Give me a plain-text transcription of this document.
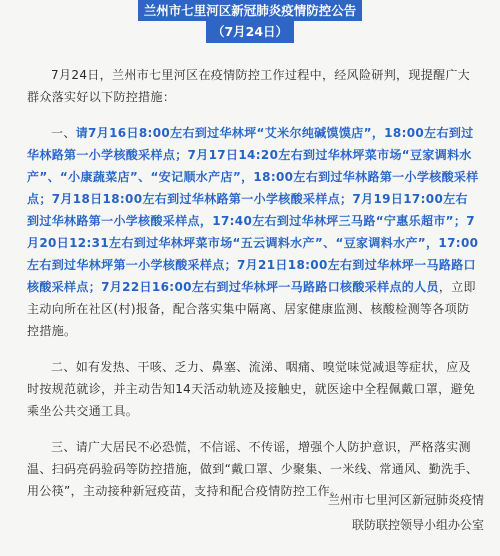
兰州市七里河区新冠肺炎疫情防控公告
（7月24日）

7月24日，兰州市七里河区在疫情防控工作过程中，经风险研判，现提醒广大群众落实好以下防控措施：

一、请7月16日8:00左右到过华林坪“艾米尔纯碱馍馍店”，18:00左右到过华林路第一小学核酸采样点；7月17日14:20左右到过华林坪菜市场“豆家调料水产”、“小康蔬菜店”、“安记顺水产店”，18:00左右到过华林路第一小学核酸采样点；7月18日18:00左右到过华林路第一小学核酸采样点；7月19日17:00左右到过华林路第一小学核酸采样点，17:40左右到过华林坪三马路“宁惠乐超市”；7月20日12:31左右到过华林坪菜市场“五云调料水产”、“豆家调料水产”，17:00左右到过华林坪第一小学核酸采样点；7月21日18:00左右到过华林坪一马路路口核酸采样点；7月22日16:00左右到过华林坪一马路路口核酸采样点的人员，立即主动向所在社区(村)报备，配合落实集中隔离、居家健康监测、核酸检测等各项防控措施。

二、如有发热、干咳、乏力、鼻塞、流涕、咽痛、嗅觉味觉减退等症状，应及时按规范就诊，并主动告知14天活动轨迹及接触史，就医途中全程佩戴口罩，避免乘坐公共交通工具。

三、请广大居民不必恐慌，不信谣、不传谣，增强个人防护意识，严格落实测温、扫码亮码验码等防控措施，做到“戴口罩、少聚集、一米线、常通风、勤洗手、用公筷”，主动接种新冠疫苗，支持和配合疫情防控工作。

兰州市七里河区新冠肺炎疫情
联防联控领导小组办公室
